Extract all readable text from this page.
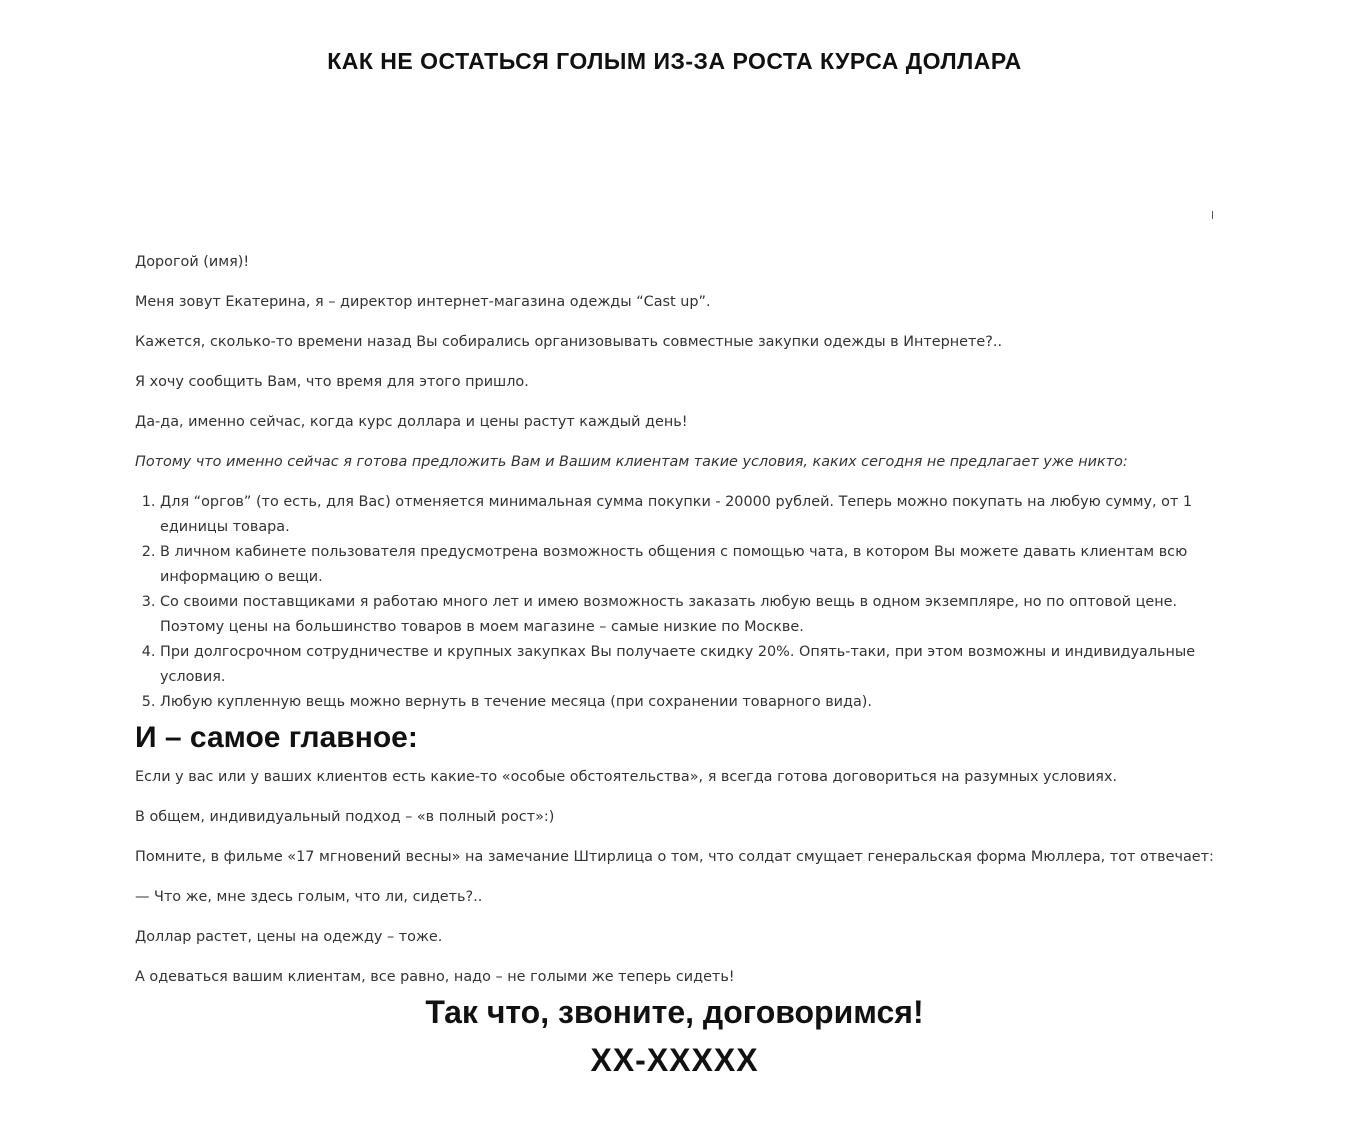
КАК НЕ ОСТАТЬСЯ ГОЛЫМ ИЗ-ЗА РОСТА КУРСА ДОЛЛАРА

Дорогой (имя)!

Меня зовут Екатерина, я – директор интернет-магазина одежды “Cast up”.

Кажется, сколько-то времени назад Вы собирались организовывать совместные закупки одежды в Интернете?..

Я хочу сообщить Вам, что время для этого пришло.

Да-да, именно сейчас, когда курс доллара и цены растут каждый день!

Потому что именно сейчас я готова предложить Вам и Вашим клиентам такие условия, каких сегодня не предлагает уже никто:

1. Для “оргов” (то есть, для Вас) отменяется минимальная сумма покупки - 20000 рублей. Теперь можно покупать на любую сумму, от 1 единицы товара.
2. В личном кабинете пользователя предусмотрена возможность общения с помощью чата, в котором Вы можете давать клиентам всю информацию о вещи.
3. Со своими поставщиками я работаю много лет и имею возможность заказать любую вещь в одном экземпляре, но по оптовой цене. Поэтому цены на большинство товаров в моем магазине – самые низкие по Москве.
4. При долгосрочном сотрудничестве и крупных закупках Вы получаете скидку 20%. Опять-таки, при этом возможны и индивидуальные условия.
5. Любую купленную вещь можно вернуть в течение месяца (при сохранении товарного вида).
И – самое главное:

Если у вас или у ваших клиентов есть какие-то «особые обстоятельства», я всегда готова договориться на разумных условиях.

В общем, индивидуальный подход – «в полный рост»:)

Помните, в фильме «17 мгновений весны» на замечание Штирлица о том, что солдат смущает генеральская форма Мюллера, тот отвечает:

— Что же, мне здесь голым, что ли, сидеть?..

Доллар растет, цены на одежду – тоже.

А одеваться вашим клиентам, все равно, надо – не голыми же теперь сидеть!

Так что, звоните, договоримся!

XX-XXXXX
